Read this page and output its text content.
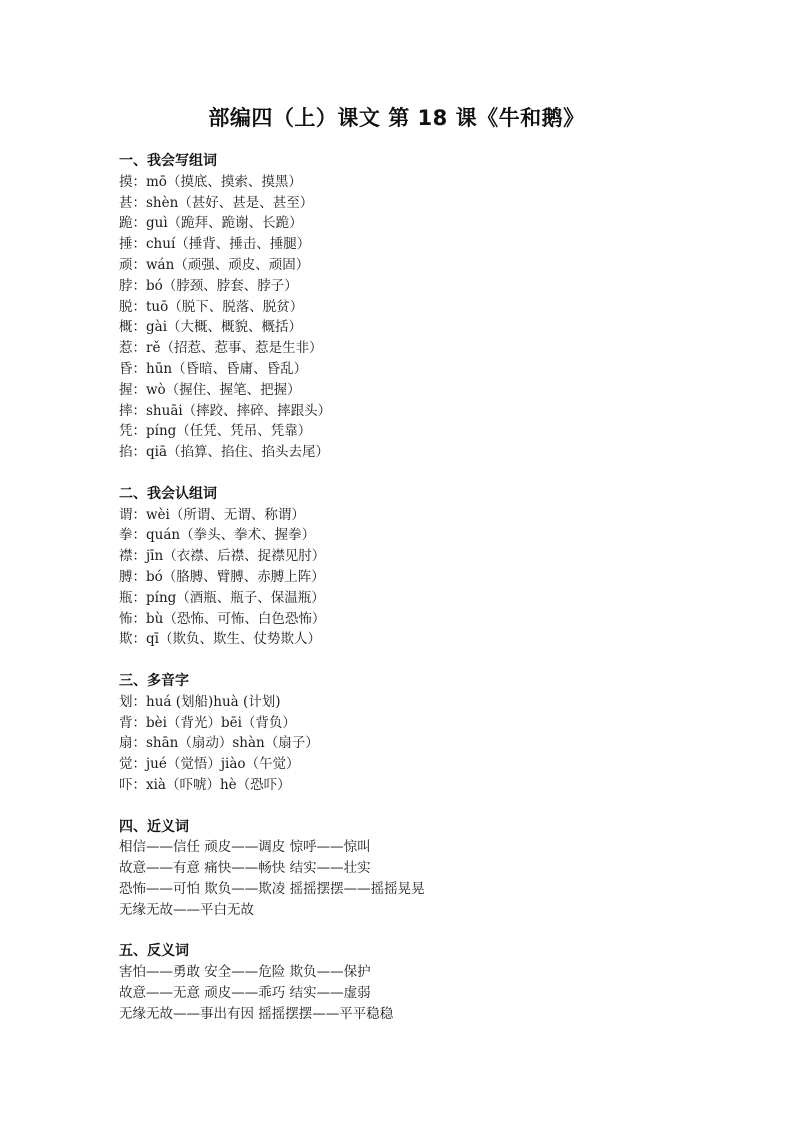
部编四（上）课文 第 18 课《牛和鹅》
一、我会写组词
摸：mō（摸底、摸索、摸黑）
甚：shèn（甚好、甚是、甚至）
跪：guì（跪拜、跪谢、长跪）
捶：chuí（捶背、捶击、捶腿）
顽：wán（顽强、顽皮、顽固）
脖：bó（脖颈、脖套、脖子）
脱：tuō（脱下、脱落、脱贫）
概：gài（大概、概貌、概括）
惹：rě（招惹、惹事、惹是生非）
昏：hūn（昏暗、昏庸、昏乱）
握：wò（握住、握笔、把握）
摔：shuāi（摔跤、摔碎、摔跟头）
凭：píng（任凭、凭吊、凭靠）
掐：qiā（掐算、掐住、掐头去尾）
二、我会认组词
谓：wèi（所谓、无谓、称谓）
拳：quán（拳头、拳术、握拳）
襟：jīn（衣襟、后襟、捉襟见肘）
膊：bó（胳膊、臂膊、赤膊上阵）
瓶：píng（酒瓶、瓶子、保温瓶）
怖：bù（恐怖、可怖、白色恐怖）
欺：qī（欺负、欺生、仗势欺人）
三、多音字
划：huá (划船)huà (计划)
背：bèi（背光）bēi（背负）
扇：shān（扇动）shàn（扇子）
觉：jué（觉悟）jiào（午觉）
吓：xià（吓唬）hè（恐吓）
四、近义词
相信——信任 顽皮——调皮 惊呼——惊叫
故意——有意 痛快——畅快 结实——壮实
恐怖——可怕 欺负——欺凌 摇摇摆摆——摇摇晃晃
无缘无故——平白无故
五、反义词
害怕——勇敢 安全——危险 欺负——保护
故意——无意 顽皮——乖巧 结实——虚弱
无缘无故——事出有因 摇摇摆摆——平平稳稳
